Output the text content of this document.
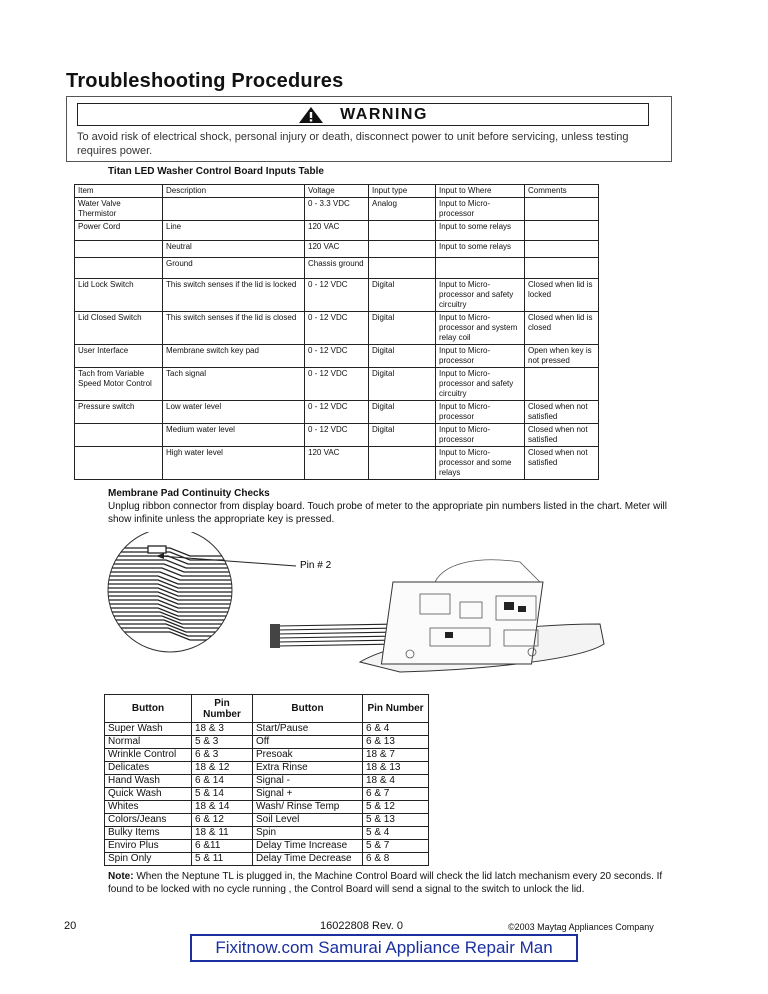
Troubleshooting Procedures
WARNING
To avoid risk of electrical shock, personal injury or death, disconnect power to unit before servicing, unless testing requires power.
Titan LED Washer Control Board Inputs Table
Item	Description	Voltage	Input type	Input to Where	Comments
Water Valve Thermistor		0 - 3.3 VDC	Analog	Input to Micro-processor	
Power Cord	Line	120 VAC		Input to some relays	
	Neutral	120 VAC		Input to some relays	
	Ground	Chassis ground			
Lid Lock Switch	This switch senses if the lid is locked	0 - 12 VDC	Digital	Input to Micro-processor and safety circuitry	Closed when lid is locked
Lid Closed Switch	This switch senses if the lid is closed	0 - 12 VDC	Digital	Input to Micro-processor and system relay coil	Closed when lid is closed
User Interface	Membrane switch key pad	0 - 12 VDC	Digital	Input to Micro-processor	Open when key is not pressed
Tach from Variable Speed Motor Control	Tach signal	0 - 12 VDC	Digital	Input to Micro-processor and safety circuitry	
Pressure switch	Low water level	0 - 12 VDC	Digital	Input to Micro-processor	Closed when not satisfied
	Medium water level	0 - 12 VDC	Digital	Input to Micro-processor	Closed when not satisfied
	High water level	120 VAC		Input to Micro-processor and some relays	Closed when not satisfied
Membrane Pad Continuity Checks
Unplug ribbon connector from display board. Touch probe of meter to the appropriate pin numbers listed in the chart. Meter will show infinite unless the appropriate key is pressed.
Pin # 2
Button	Pin Number	Button	Pin Number
Super Wash	18 & 3	Start/Pause	6 & 4
Normal	5 & 3	Off	6 & 13
Wrinkle Control	6 & 3	Presoak	18 & 7
Delicates	18 & 12	Extra Rinse	18 & 13
Hand Wash	6 & 14	Signal -	18 & 4
Quick Wash	5 & 14	Signal +	6 & 7
Whites	18 & 14	Wash/ Rinse Temp	5 & 12
Colors/Jeans	6 & 12	Soil Level	5 & 13
Bulky Items	18 & 11	Spin	5 & 4
Enviro Plus	6 &11	Delay Time Increase	5 & 7
Spin Only	5 & 11	Delay Time Decrease	6 & 8
Note: When the Neptune TL is plugged in, the Machine Control Board will check the lid latch mechanism every 20 seconds. If found to be locked with no cycle running , the Control Board will send a signal to the switch to unlock the lid.
20	16022808 Rev. 0	©2003 Maytag Appliances Company
Fixitnow.com Samurai Appliance Repair Man
